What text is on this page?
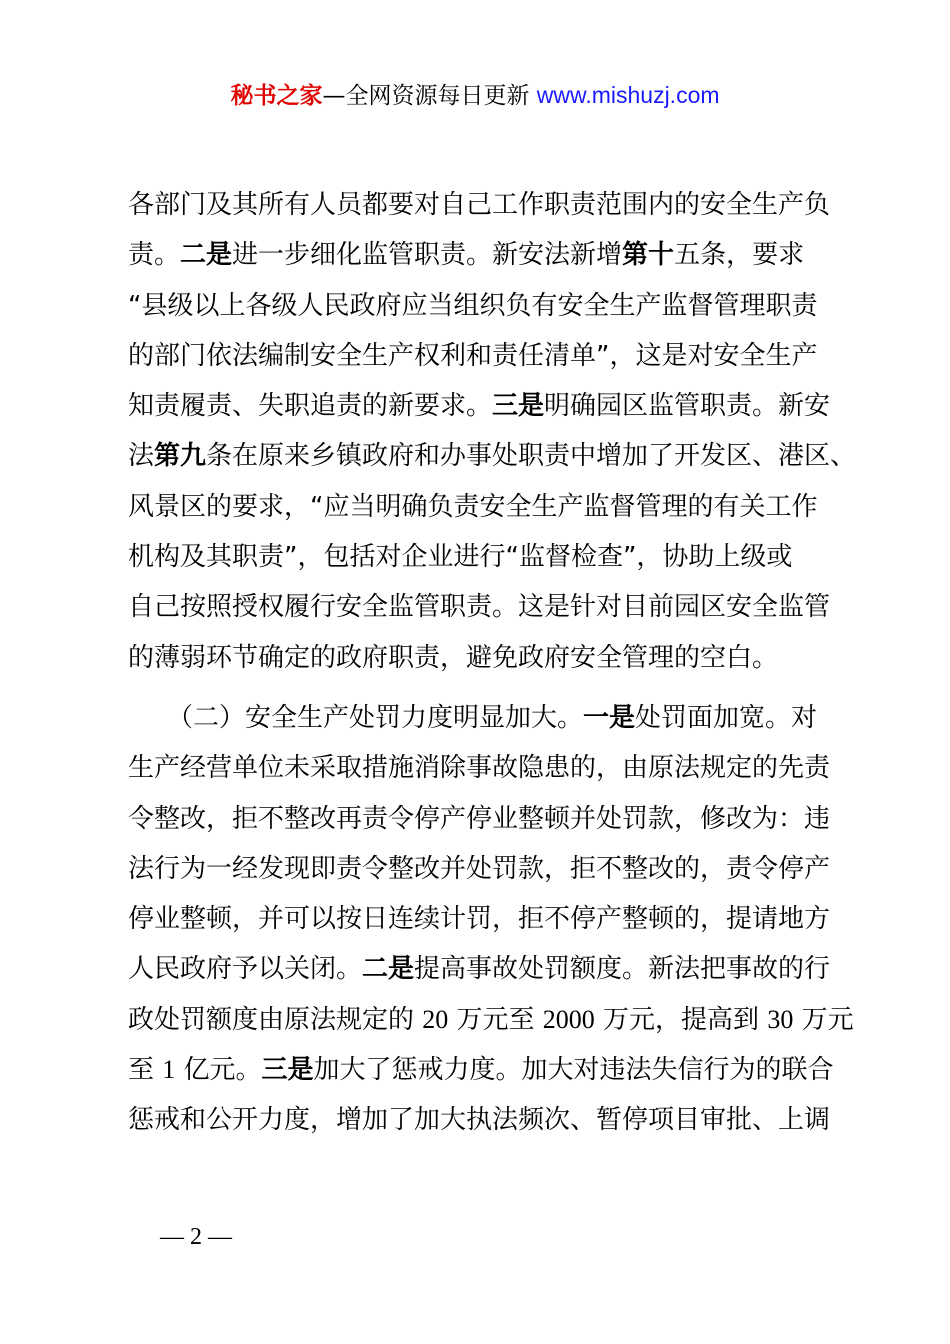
秘书之家—全网资源每日更新 www.mishuzj.com
各部门及其所有人员都要对自己工作职责范围内的安全生产负
责。二是进一步细化监管职责。新安法新增第十五条，要求
“县级以上各级人民政府应当组织负有安全生产监督管理职责
的部门依法编制安全生产权利和责任清单”，这是对安全生产
知责履责、失职追责的新要求。三是明确园区监管职责。新安
法第九条在原来乡镇政府和办事处职责中增加了开发区、港区、
风景区的要求，“应当明确负责安全生产监督管理的有关工作
机构及其职责”，包括对企业进行“监督检查”，协助上级或
自己按照授权履行安全监管职责。这是针对目前园区安全监管
的薄弱环节确定的政府职责，避免政府安全管理的空白。
　　（二）安全生产处罚力度明显加大。一是处罚面加宽。对
生产经营单位未采取措施消除事故隐患的，由原法规定的先责
令整改，拒不整改再责令停产停业整顿并处罚款，修改为：违
法行为一经发现即责令整改并处罚款，拒不整改的，责令停产
停业整顿，并可以按日连续计罚，拒不停产整顿的，提请地方
人民政府予以关闭。二是提高事故处罚额度。新法把事故的行
政处罚额度由原法规定的 20 万元至 2000 万元，提高到 30 万元
至 1 亿元。三是加大了惩戒力度。加大对违法失信行为的联合
惩戒和公开力度，增加了加大执法频次、暂停项目审批、上调
— 2 —
